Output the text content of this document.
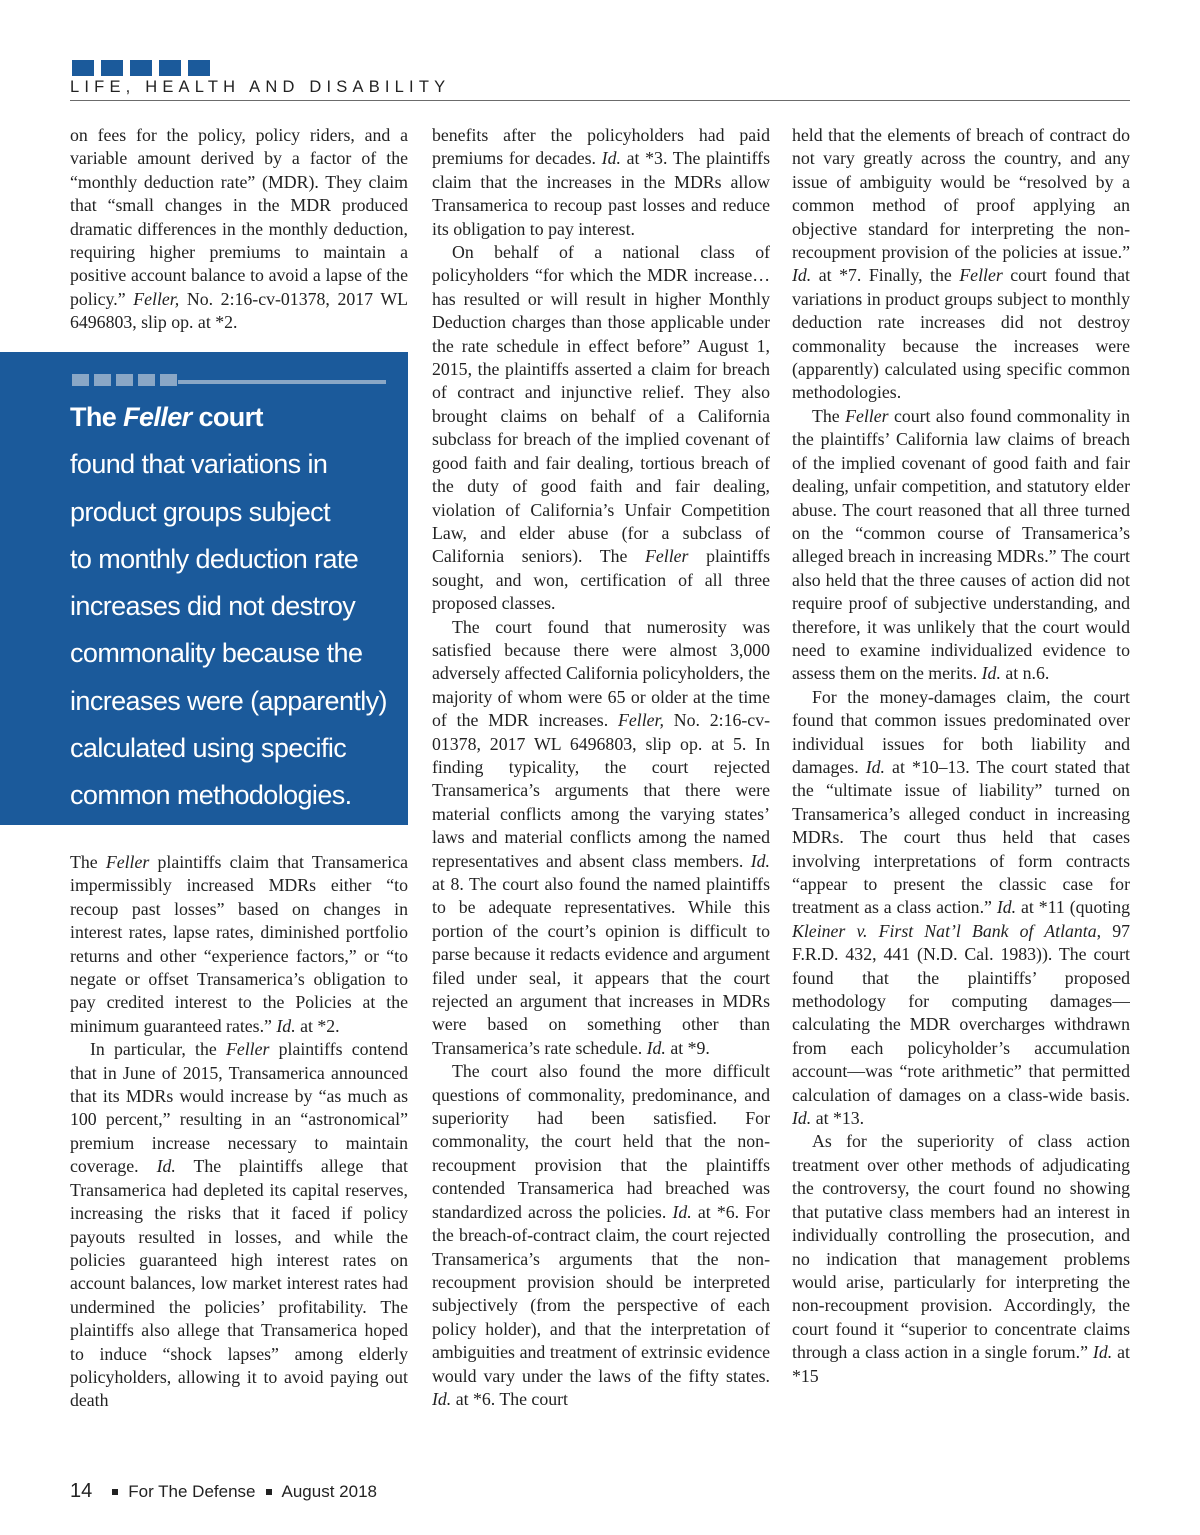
LIFE, HEALTH AND DISABILITY

on fees for the policy, policy riders, and a variable amount derived by a factor of the “monthly deduction rate” (MDR). They claim that “small changes in the MDR produced dramatic differences in the monthly deduction, requiring higher premiums to maintain a positive account balance to avoid a lapse of the policy.” Feller, No. 2:16-cv-01378, 2017 WL 6496803, slip op. at *2.

The Feller court
found that variations in
product groups subject
to monthly deduction rate
increases did not destroy
commonality because the
increases were (apparently)
calculated using specific
common methodologies.

The Feller plaintiffs claim that Transamerica impermissibly increased MDRs either “to recoup past losses” based on changes in interest rates, lapse rates, diminished portfolio returns and other “experience factors,” or “to negate or offset Transamerica’s obligation to pay credited interest to the Policies at the minimum guaranteed rates.” Id. at *2.

In particular, the Feller plaintiffs contend that in June of 2015, Transamerica announced that its MDRs would increase by “as much as 100 percent,” resulting in an “astronomical” premium increase necessary to maintain coverage. Id. The plaintiffs allege that Transamerica had depleted its capital reserves, increasing the risks that it faced if policy payouts resulted in losses, and while the policies guaranteed high interest rates on account balances, low market interest rates had undermined the policies’ profitability. The plaintiffs also allege that Transamerica hoped to induce “shock lapses” among elderly policyholders, allowing it to avoid paying out death

benefits after the policyholders had paid premiums for decades. Id. at *3. The plaintiffs claim that the increases in the MDRs allow Transamerica to recoup past losses and reduce its obligation to pay interest.

On behalf of a national class of policyholders “for which the MDR increase… has resulted or will result in higher Monthly Deduction charges than those applicable under the rate schedule in effect before” August 1, 2015, the plaintiffs asserted a claim for breach of contract and injunctive relief. They also brought claims on behalf of a California subclass for breach of the implied covenant of good faith and fair dealing, tortious breach of the duty of good faith and fair dealing, violation of California’s Unfair Competition Law, and elder abuse (for a subclass of California seniors). The Feller plaintiffs sought, and won, certification of all three proposed classes.

The court found that numerosity was satisfied because there were almost 3,000 adversely affected California policyholders, the majority of whom were 65 or older at the time of the MDR increases. Feller, No. 2:16-cv-01378, 2017 WL 6496803, slip op. at 5. In finding typicality, the court rejected Transamerica’s arguments that there were material conflicts among the varying states’ laws and material conflicts among the named representatives and absent class members. Id. at 8. The court also found the named plaintiffs to be adequate representatives. While this portion of the court’s opinion is difficult to parse because it redacts evidence and argument filed under seal, it appears that the court rejected an argument that increases in MDRs were based on something other than Transamerica’s rate schedule. Id. at *9.

The court also found the more difficult questions of commonality, predominance, and superiority had been satisfied. For commonality, the court held that the non-recoupment provision that the plaintiffs contended Transamerica had breached was standardized across the policies. Id. at *6. For the breach-of-contract claim, the court rejected Transamerica’s arguments that the non-recoupment provision should be interpreted subjectively (from the perspective of each policy holder), and that the interpretation of ambiguities and treatment of extrinsic evidence would vary under the laws of the fifty states. Id. at *6. The court

held that the elements of breach of contract do not vary greatly across the country, and any issue of ambiguity would be “resolved by a common method of proof applying an objective standard for interpreting the non-recoupment provision of the policies at issue.” Id. at *7. Finally, the Feller court found that variations in product groups subject to monthly deduction rate increases did not destroy commonality because the increases were (apparently) calculated using specific common methodologies.

The Feller court also found commonality in the plaintiffs’ California law claims of breach of the implied covenant of good faith and fair dealing, unfair competition, and statutory elder abuse. The court reasoned that all three turned on the “common course of Transamerica’s alleged breach in increasing MDRs.” The court also held that the three causes of action did not require proof of subjective understanding, and therefore, it was unlikely that the court would need to examine individualized evidence to assess them on the merits. Id. at n.6.

For the money-damages claim, the court found that common issues predominated over individual issues for both liability and damages. Id. at *10–13. The court stated that the “ultimate issue of liability” turned on Transamerica’s alleged conduct in increasing MDRs. The court thus held that cases involving interpretations of form contracts “appear to present the classic case for treatment as a class action.” Id. at *11 (quoting Kleiner v. First Nat’l Bank of Atlanta, 97 F.R.D. 432, 441 (N.D. Cal. 1983)). The court found that the plaintiffs’ proposed methodology for computing damages—calculating the MDR overcharges withdrawn from each policyholder’s accumulation account—was “rote arithmetic” that permitted calculation of damages on a class-wide basis. Id. at *13.

As for the superiority of class action treatment over other methods of adjudicating the controversy, the court found no showing that putative class members had an interest in individually controlling the prosecution, and no indication that management problems would arise, particularly for interpreting the non-recoupment provision. Accordingly, the court found it “superior to concentrate claims through a class action in a single forum.” Id. at *15

14 For The Defense August 2018
